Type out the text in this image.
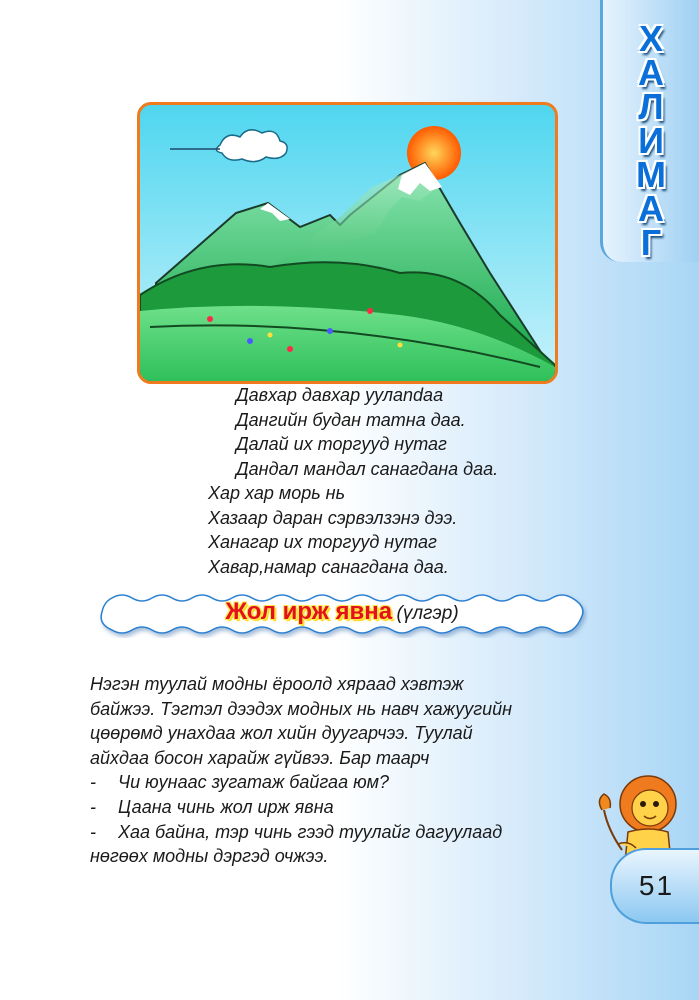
Х
А
Л
И
М
А
Г
Давхар давхар уулandaa
Дангийн будан татна даа.
Далай их торгууд нутаг
Дандал мандал санагдана даа.
Хар хар морь нь
Хазаар даран сэрвэлзэнэ дээ.
Ханагар их торгууд нутаг
Хавар,намар санагдана даа.
Жол ирж явна (үлгэр)
Нэгэн туулай модны ёроолд хяраад хэвтэж
байжээ. Тэгтэл дээдэх модных нь навч хажуугийн
цөөрөмд унахдаа жол хийн дуугарчээ. Туулай
айхдаа босон харайж гүйвээ. Бар таарч
- Чи юунаас зугатаж байгаа юм?
- Цаана чинь жол ирж явна
- Хаа байна, тэр чинь гээд туулайг дагуулаад
нөгөөх модны дэргэд очжээ.
51
